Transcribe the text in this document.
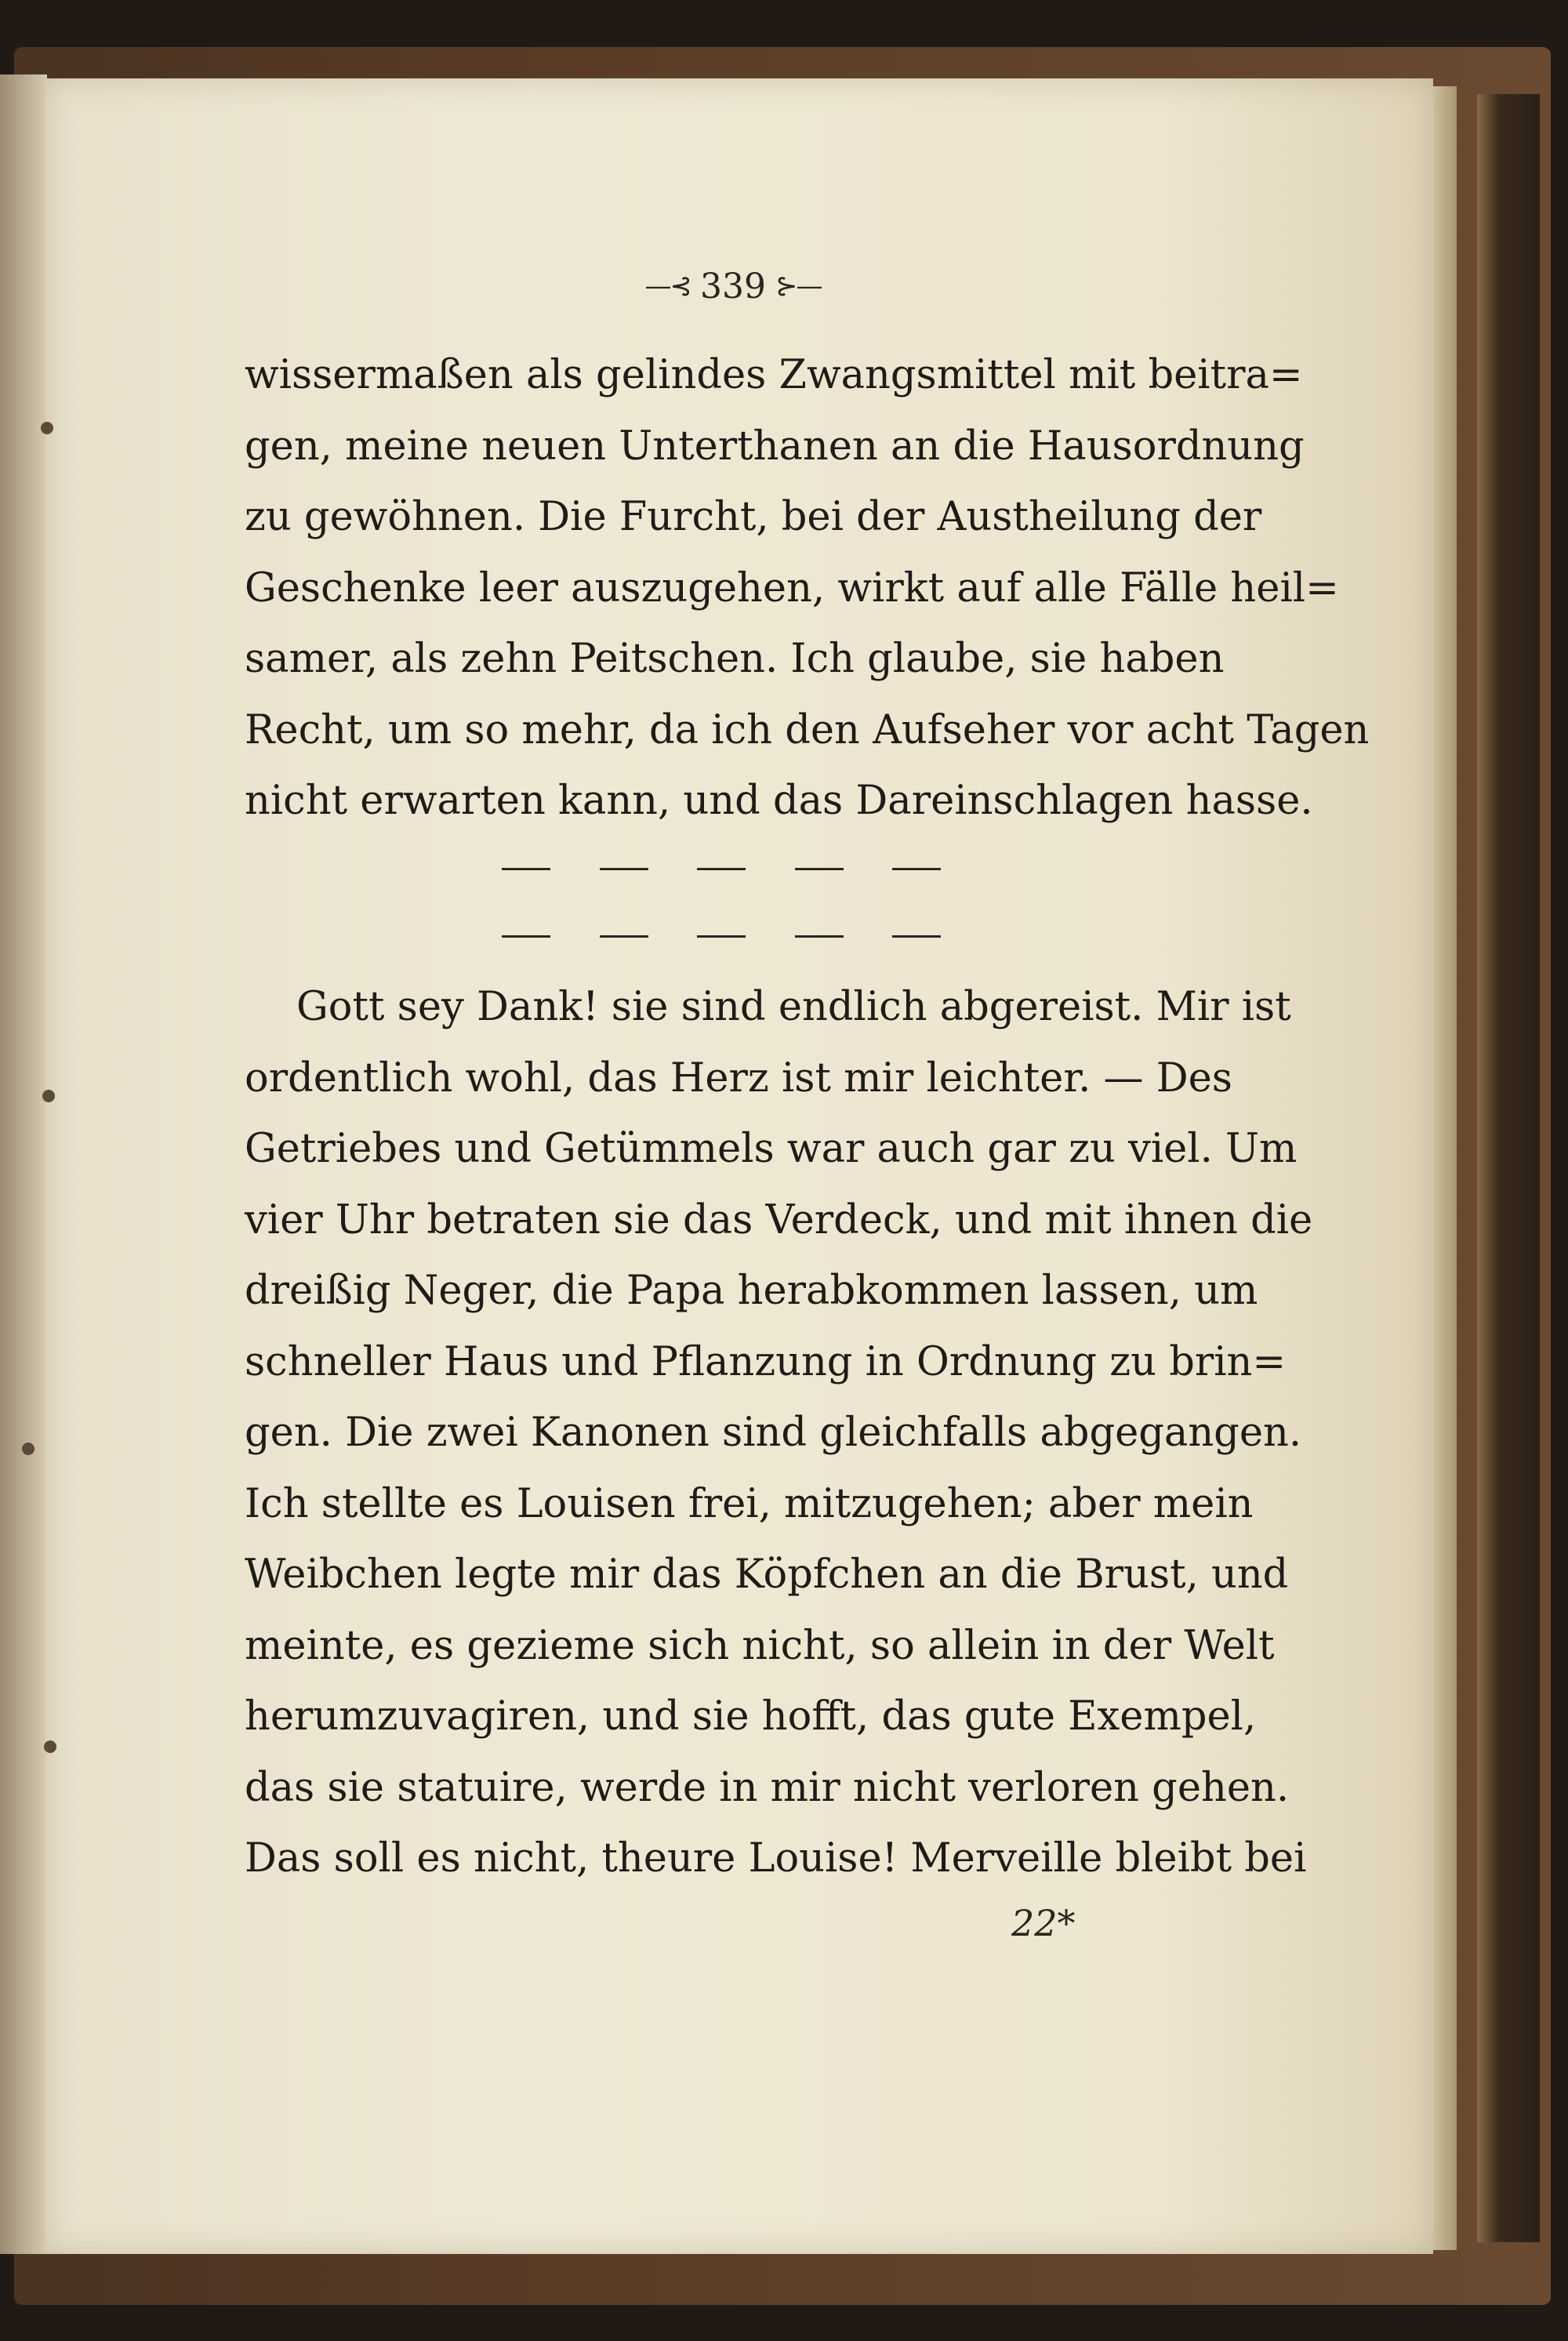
—⊰ 339 ⊱—
wissermaßen als gelindes Zwangsmittel mit beitra=
gen, meine neuen Unterthanen an die Hausordnung
zu gewöhnen. Die Furcht, bei der Austheilung der
Geschenke leer auszugehen, wirkt auf alle Fälle heil=
samer, als zehn Peitschen. Ich glaube, sie haben
Recht, um so mehr, da ich den Aufseher vor acht Tagen
nicht erwarten kann, und das Dareinschlagen hasse.
Gott sey Dank! sie sind endlich abgereist. Mir ist
ordentlich wohl, das Herz ist mir leichter. — Des
Getriebes und Getümmels war auch gar zu viel. Um
vier Uhr betraten sie das Verdeck, und mit ihnen die
dreißig Neger, die Papa herabkommen lassen, um
schneller Haus und Pflanzung in Ordnung zu brin=
gen. Die zwei Kanonen sind gleichfalls abgegangen.
Ich stellte es Louisen frei, mitzugehen; aber mein
Weibchen legte mir das Köpfchen an die Brust, und
meinte, es gezieme sich nicht, so allein in der Welt
herumzuvagiren, und sie hofft, das gute Exempel,
das sie statuire, werde in mir nicht verloren gehen.
Das soll es nicht, theure Louise! Merveille bleibt bei
22*
